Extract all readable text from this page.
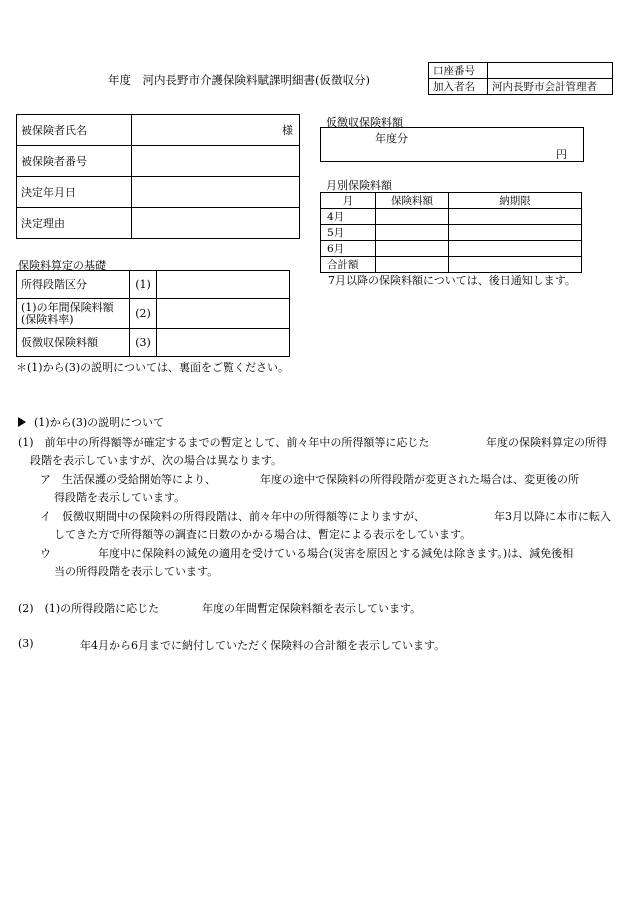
年度　河内長野市介護保険料賦課明細書(仮徴収分)
口座番号	
加入者名	河内長野市会計管理者
被保険者氏名	様
被保険者番号	
決定年月日	
決定理由	
保険料算定の基礎
所得段階区分	(1)	

(1)の年間保険料額
(保険料率)	(2)	
仮徴収保険料額	(3)	
＊(1)から(3)の説明については、裏面をご覧ください。
仮徴収保険料額
年度分
円
月別保険料額
月	保険料額	納期限
4月		
5月		
6月		
合計額		
7月以降の保険料額については、後日通知します。
(1)から(3)の説明について
(1)　前年中の所得額等が確定するまでの暫定として、前々年中の所得額等に応じた	年度の保険料算定の所得
段階を表示していますが、次の場合は異なります。
ア　生活保護の受給開始等により、	年度の途中で保険料の所得段階が変更された場合は、変更後の所
得段階を表示しています。
イ　仮徴収期間中の保険料の所得段階は、前々年中の所得額等によりますが、	年3月以降に本市に転入
してきた方で所得額等の調査に日数のかかる場合は、暫定による表示をしています。
ウ	年度中に保険料の減免の適用を受けている場合(災害を原因とする減免は除きます。)は、減免後相
当の所得段階を表示しています。
(2)　(1)の所得段階に応じた	年度の年間暫定保険料額を表示しています。
(3)	年4月から6月までに納付していただく保険料の合計額を表示しています。
